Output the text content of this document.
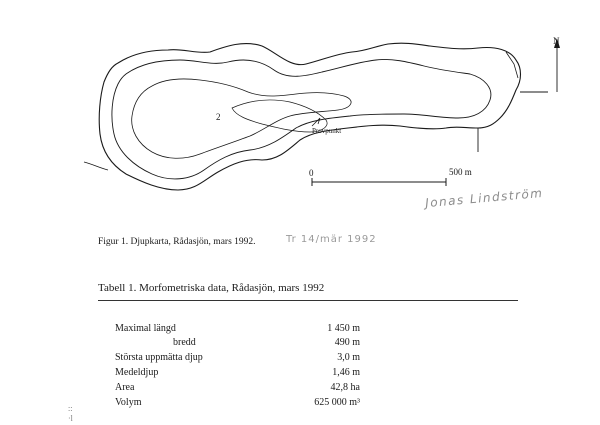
N
2
Provpunkt
0	500 m
Jonas Lindström
Figur 1. Djupkarta, Rådasjön, mars 1992.	Tr 14/mär 1992
Tabell 1. Morfometriska data, Rådasjön, mars 1992
Maximal längd	1 450 m
bredd	490 m
Största uppmätta djup	3,0 m
Medeldjup	1,46 m
Area	42,8 ha
Volym	625 000 m³
::
·l
